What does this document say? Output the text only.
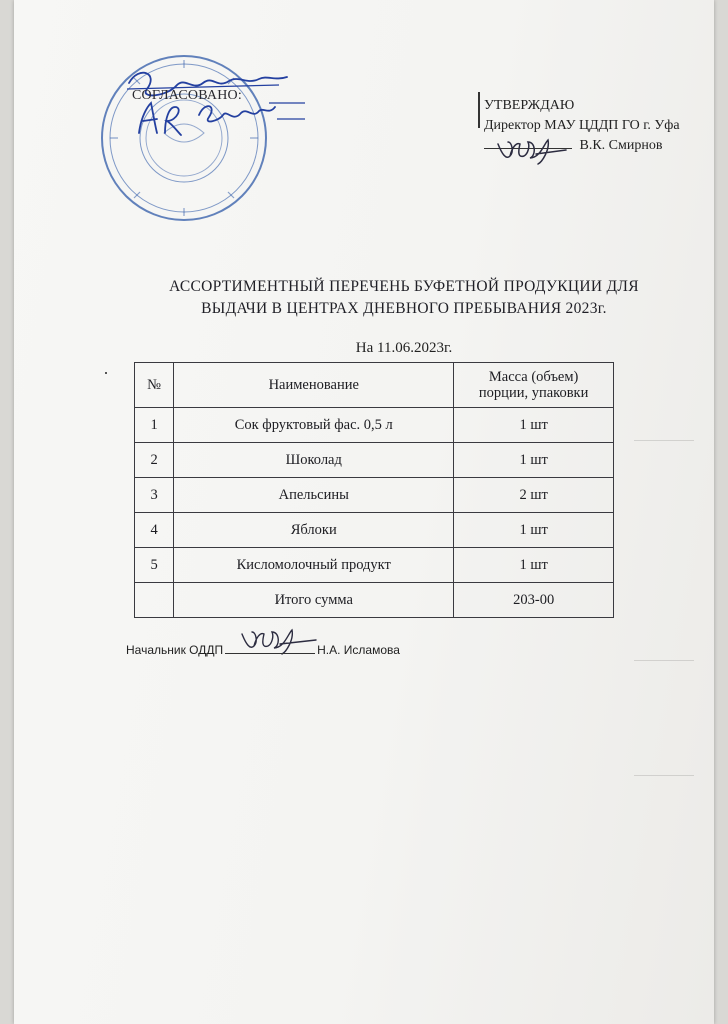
СОГЛАСОВАНО:
УТВЕРЖДАЮ
Директор МАУ ЦДДП ГО г. Уфа
В.К. Смирнов
АССОРТИМЕНТНЫЙ ПЕРЕЧЕНЬ БУФЕТНОЙ ПРОДУКЦИИ ДЛЯ
ВЫДАЧИ В ЦЕНТРАХ ДНЕВНОГО ПРЕБЫВАНИЯ 2023г.
На 11.06.2023г.
№	Наименование	Масса (объем)
порции, упаковки

1	Сок фруктовый фас. 0,5 л	1 шт
2	Шоколад	1 шт
3	Апельсины	2 шт
4	Яблоки	1 шт
5	Кисломолочный продукт	1 шт
	Итого сумма	203-00
Начальник ОДДП	Н.А. Исламова
